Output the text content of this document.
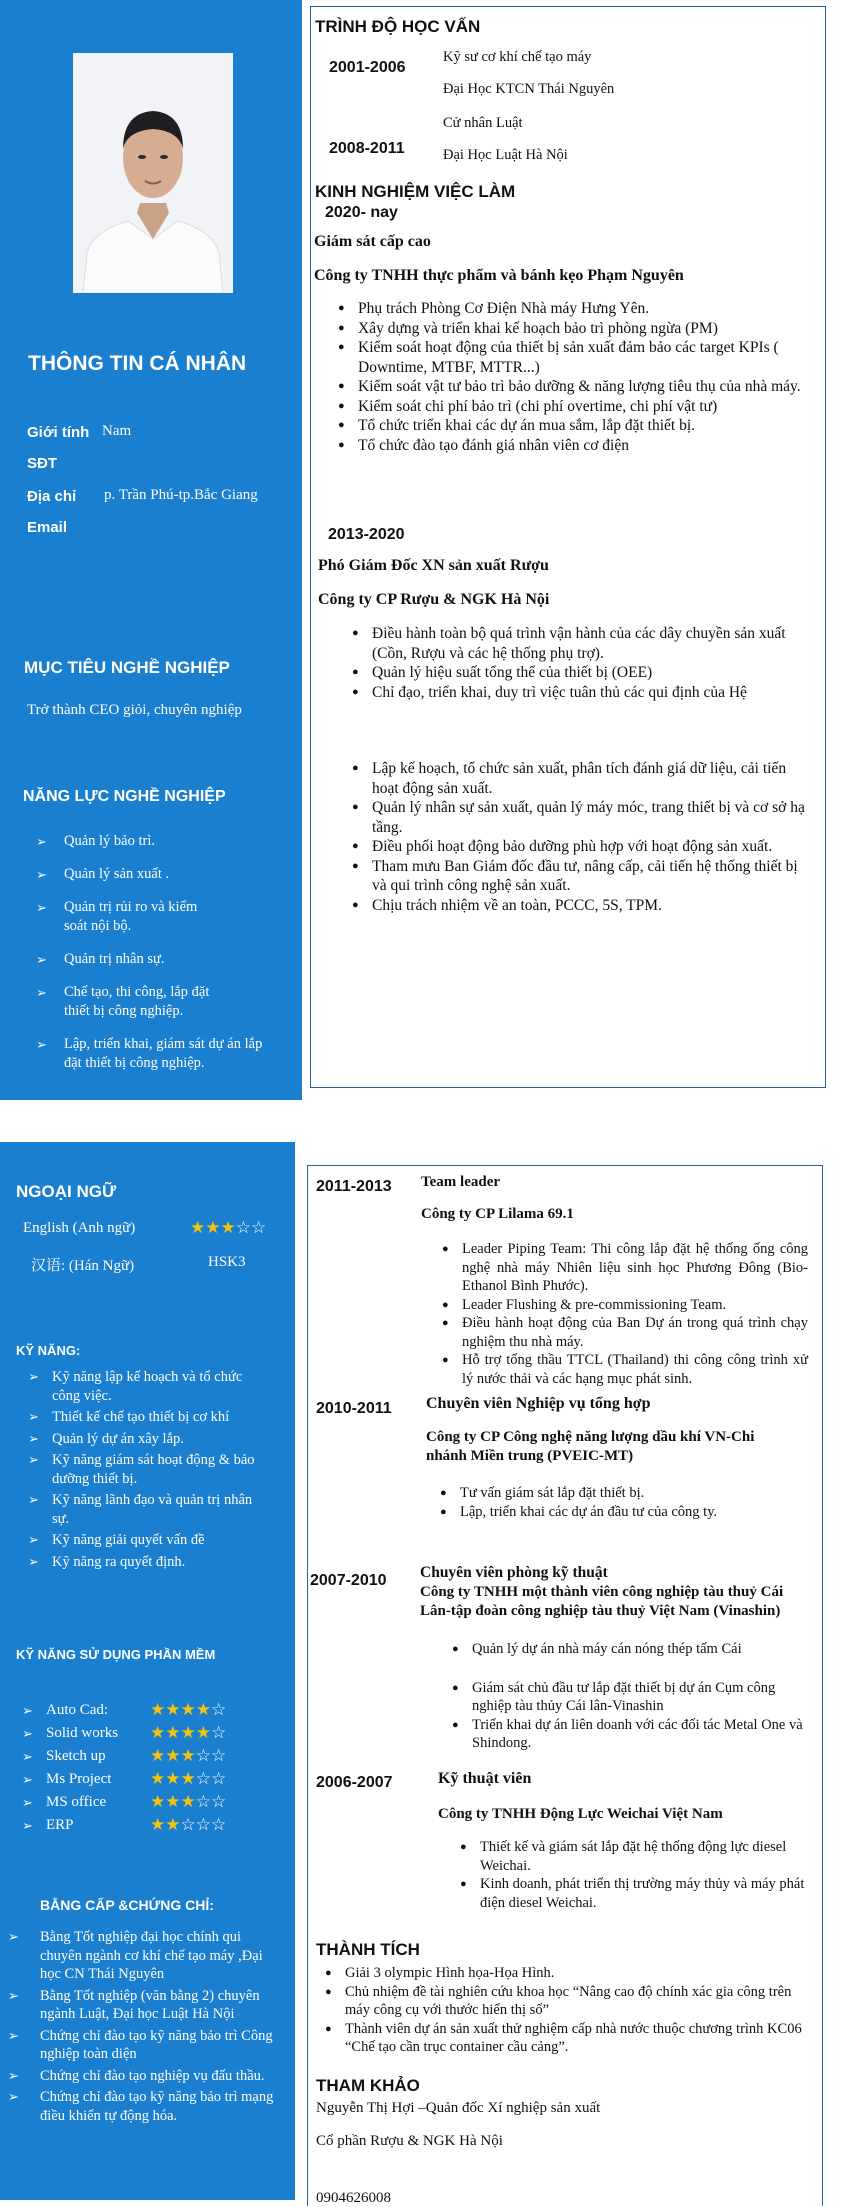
THÔNG TIN CÁ NHÂN
Giới tính Nam
SĐT
Địa chỉ p. Trần Phú-tp.Bắc Giang
Email
MỤC TIÊU NGHỀ NGHIỆP
Trở thành CEO giỏi, chuyên nghiệp
NĂNG LỰC NGHỀ NGHIỆP
➢ Quản lý bảo trì.
➢ Quản lý sản xuất .
➢ Quản trị rủi ro và kiểm soát nội bộ.
➢ Quản trị nhân sự.
➢ Chế tạo, thi công, lắp đặt thiết bị công nghiệp.
➢ Lập, triển khai, giám sát dự án lắp đặt thiết bị công nghiệp.
TRÌNH ĐỘ HỌC VẤN
2001-2006
Kỹ sư cơ khí chế tạo máy
Đại Học KTCN Thái Nguyên
2008-2011
Cử nhân Luật
Đại Học Luật Hà Nội
KINH NGHIỆM VIỆC LÀM
2020- nay
Giám sát cấp cao
Công ty TNHH thực phẩm và bánh kẹo Phạm Nguyên
● Phụ trách Phòng Cơ Điện Nhà máy Hưng Yên.
● Xây dựng và triển khai kế hoạch bảo trì phòng ngừa (PM)
● Kiểm soát hoạt động của thiết bị sản xuất đảm bảo các target KPIs ( Downtime, MTBF, MTTR...)
● Kiểm soát vật tư bảo trì bảo dưỡng & năng lượng tiêu thụ của nhà máy.
● Kiểm soát chi phí bảo trì (chi phí overtime, chi phí vật tư)
● Tổ chức triển khai các dự án mua sắm, lắp đặt thiết bị.
● Tổ chức đào tạo đánh giá nhân viên cơ điện
2013-2020
Phó Giám Đốc XN sản xuất Rượu
Công ty CP Rượu & NGK Hà Nội
● Điều hành toàn bộ quá trình vận hành của các dây chuyền sản xuất (Cồn, Rượu và các hệ thống phụ trợ).
● Quản lý hiệu suất tổng thể của thiết bị (OEE)
● Chỉ đạo, triển khai, duy trì việc tuân thủ các qui định của Hệ
● Lập kế hoạch, tổ chức sản xuất, phân tích đánh giá dữ liệu, cải tiến hoạt động sản xuất.
● Quản lý nhân sự sản xuất, quản lý máy móc, trang thiết bị và cơ sở hạ tầng.
● Điều phối hoạt động bảo dưỡng phù hợp với hoạt động sản xuất.
● Tham mưu Ban Giám đốc đầu tư, nâng cấp, cải tiến hệ thống thiết bị và qui trình công nghệ sản xuất.
● Chịu trách nhiệm về an toàn, PCCC, 5S, TPM.
NGOẠI NGỮ
English (Anh ngữ)	★★★☆☆
汉语: (Hán Ngữ)	HSK3
KỸ NĂNG:
➢ Kỹ năng lập kế hoạch và tổ chức công việc.
➢ Thiết kế chế tạo thiết bị cơ khí
➢ Quản lý dự án xây lắp.
➢ Kỹ năng giám sát hoạt động & bảo dưỡng thiết bị.
➢ Kỹ năng lãnh đạo và quản trị nhân sự.
➢ Kỹ năng giải quyết vấn đề
➢ Kỹ năng ra quyết định.
KỸ NĂNG SỬ DỤNG PHẦN MỀM
➢ Auto Cad: ★★★★☆
➢ Solid works ★★★★☆
➢ Sketch up	★★★☆☆
➢ Ms Project ★★★☆☆
➢ MS office	★★★☆☆
➢ ERP	★★☆☆☆
BẰNG CẤP &CHỨNG CHỈ:
➢ Bằng Tốt nghiệp đại học chính qui chuyên ngành cơ khí chế tạo máy ,Đại học CN Thái Nguyên
➢ Bằng Tốt nghiệp (văn bằng 2) chuyên ngành Luật, Đại học Luật Hà Nội
➢ Chứng chỉ đào tạo kỹ năng bảo trì Công nghiệp toàn diện
➢ Chứng chỉ đào tạo nghiệp vụ đấu thầu.
➢ Chứng chỉ đào tạo kỹ năng bảo trì mạng điều khiển tự động hóa.
2011-2013 Team leader
Công ty CP Lilama 69.1
● Leader Piping Team: Thi công lắp đặt hệ thống ống công nghệ nhà máy Nhiên liệu sinh học Phương Đông (Bio-Ethanol Bình Phước).
● Leader Flushing & pre-commissioning Team.
● Điều hành hoạt động của Ban Dự án trong quá trình chạy nghiệm thu nhà máy.
● Hỗ trợ tổng thầu TTCL (Thailand) thi công công trình xử lý nước thải và các hạng mục phát sinh.
2010-2011 Chuyên viên Nghiệp vụ tổng hợp
Công ty CP Công nghệ năng lượng dầu khí VN-Chi nhánh Miền trung (PVEIC-MT)
● Tư vấn giám sát lắp đặt thiết bị.
● Lập, triển khai các dự án đầu tư của công ty.
2007-2010 Chuyên viên phòng kỹ thuật
Công ty TNHH một thành viên công nghiệp tàu thuỷ Cái Lân-tập đoàn công nghiệp tàu thuỷ Việt Nam (Vinashin)
● Quản lý dự án nhà máy cán nóng thép tấm Cái
● Giám sát chủ đầu tư lắp đặt thiết bị dự án Cụm công nghiệp tàu thủy Cái lân-Vinashin
● Triển khai dự án liên doanh với các đối tác Metal One và Shindong.
2006-2007	Kỹ thuật viên
Công ty TNHH Động Lực Weichai Việt Nam
● Thiết kế và giám sát lắp đặt hệ thống động lực diesel Weichai.
● Kinh doanh, phát triển thị trường máy thủy và máy phát điện diesel Weichai.
THÀNH TÍCH
● Giải 3 olympic Hình họa-Họa Hình.
● Chủ nhiệm đề tài nghiên cứu khoa học “Nâng cao độ chính xác gia công trên máy công cụ với thước hiển thị số”
● Thành viên dự án sản xuất thử nghiệm cấp nhà nước thuộc chương trình KC06 “Chế tạo cần trục container cầu cảng”.
THAM KHẢO
Nguyễn Thị Hợi –Quản đốc Xí nghiệp sản xuất
Cổ phần Rượu & NGK Hà Nội
0904626008
